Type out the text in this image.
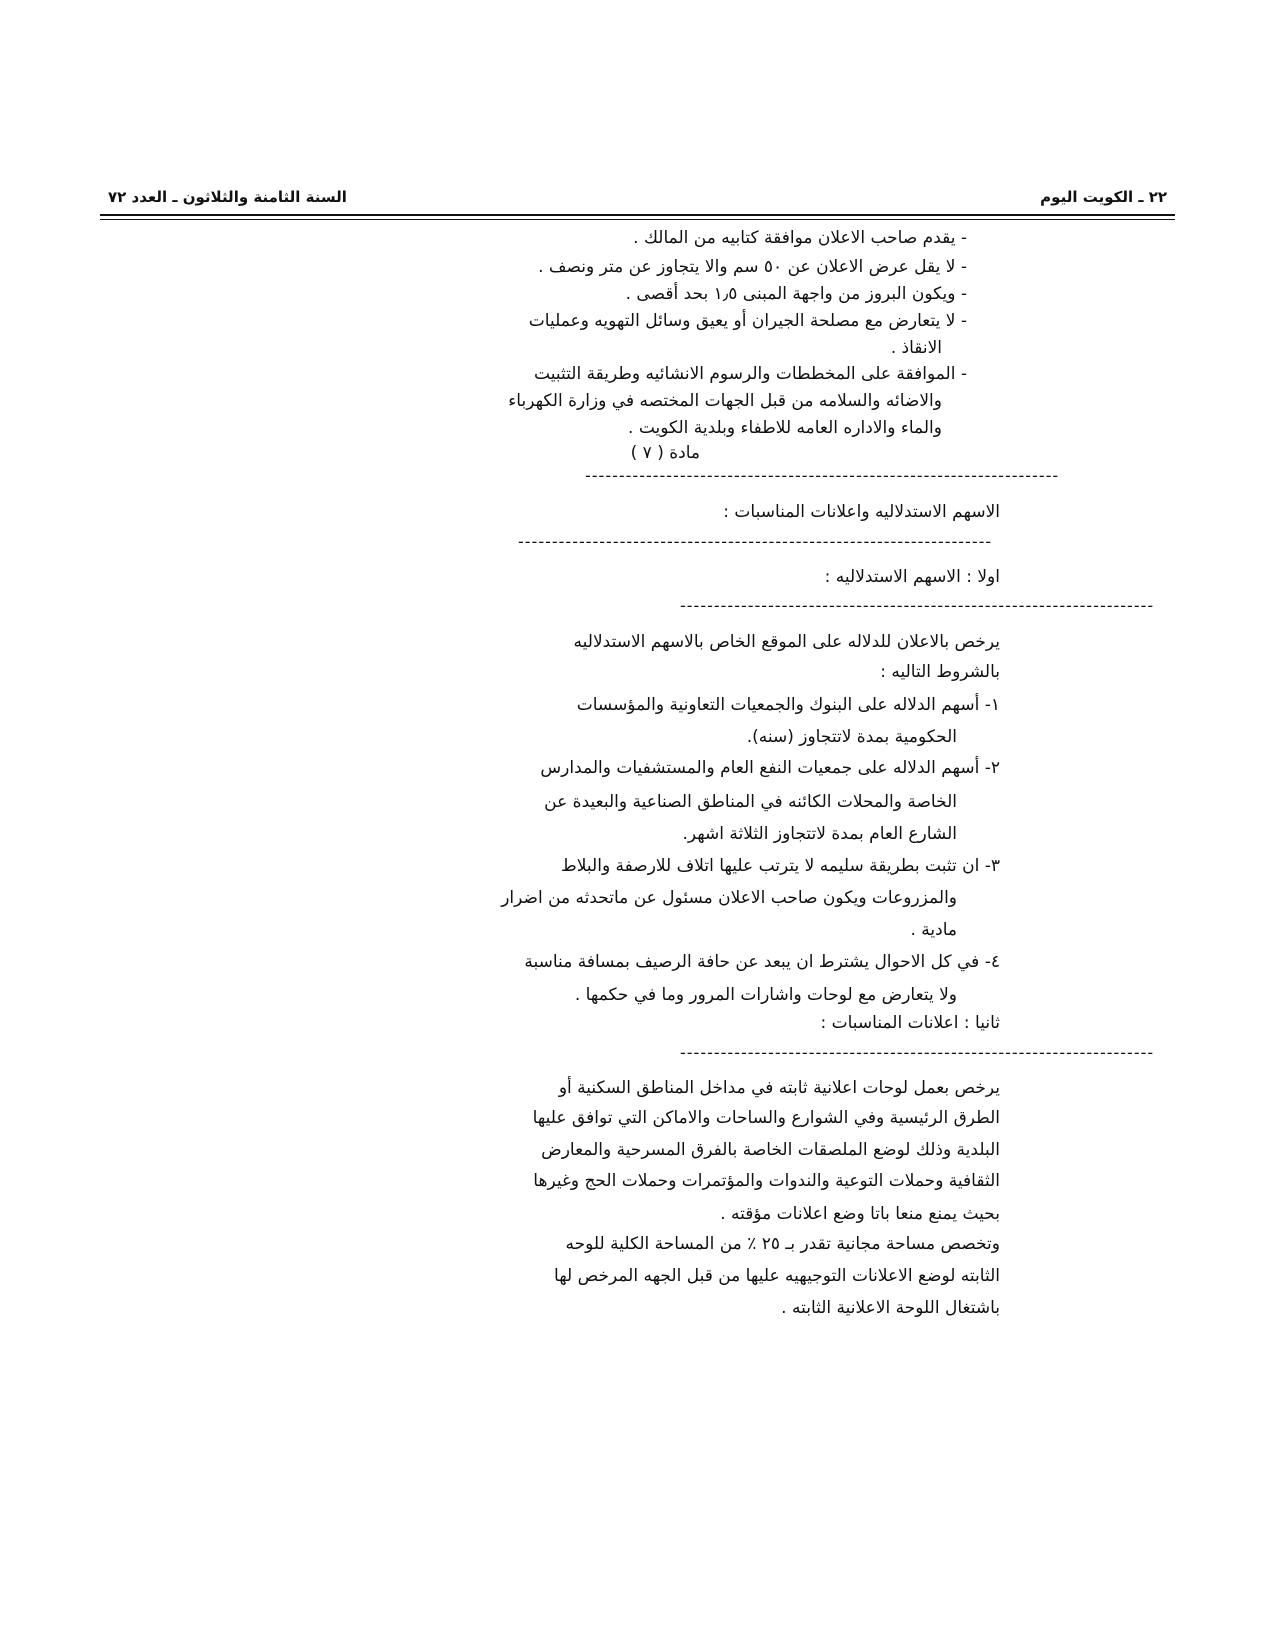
السنة الثامنة والثلاثون ـ العدد ٧٢	٢٢ ـ الكويت اليوم
- يقدم صاحب الاعلان موافقة كتابيه من المالك .
- لا يقل عرض الاعلان عن ٥٠ سم والا يتجاوز عن متر ونصف .
- ويكون البروز من واجهة المبنى ١٫٥ بحد أقصى .
- لا يتعارض مع مصلحة الجيران أو يعيق وسائل التهويه وعمليات
الانقاذ .
- الموافقة على المخططات والرسوم الانشائيه وطريقة التثبيت
والاضائه والسلامه من قبل الجهات المختصه في وزارة الكهرباء
والماء والاداره العامه للاطفاء وبلدية الكويت .
مادة ( ٧ )
----------------------------------------------------------------------
الاسهم الاستدلاليه واعلانات المناسبات :
----------------------------------------------------------------------
اولا : الاسهم الاستدلاليه :
----------------------------------------------------------------------
يرخص بالاعلان للدلاله على الموقع الخاص بالاسهم الاستدلاليه
بالشروط التاليه :
١- أسهم الدلاله على البنوك والجمعيات التعاونية والمؤسسات
الحكومية بمدة لاتتجاوز (سنه).
٢- أسهم الدلاله على جمعيات النفع العام والمستشفيات والمدارس
الخاصة والمحلات الكائنه في المناطق الصناعية والبعيدة عن
الشارع العام بمدة لاتتجاوز الثلاثة اشهر.
٣- ان تثبت بطريقة سليمه لا يترتب عليها اتلاف للارصفة والبلاط
والمزروعات ويكون صاحب الاعلان مسئول عن ماتحدثه من اضرار
مادية .
٤- في كل الاحوال يشترط ان يبعد عن حافة الرصيف بمسافة مناسبة
ولا يتعارض مع لوحات واشارات المرور وما في حكمها .
ثانيا : اعلانات المناسبات :
----------------------------------------------------------------------
يرخص بعمل لوحات اعلانية ثابته في مداخل المناطق السكنية أو
الطرق الرئيسية وفي الشوارع والساحات والاماكن التي توافق عليها
البلدية وذلك لوضع الملصقات الخاصة بالفرق المسرحية والمعارض
الثقافية وحملات التوعية والندوات والمؤتمرات وحملات الحج وغيرها
بحيث يمنع منعا باتا وضع اعلانات مؤقته .
وتخصص مساحة مجانية تقدر بـ ٢٥ ٪ من المساحة الكلية للوحه
الثابته لوضع الاعلانات التوجيهيه عليها من قبل الجهه المرخص لها
باشتغال اللوحة الاعلانية الثابته .
